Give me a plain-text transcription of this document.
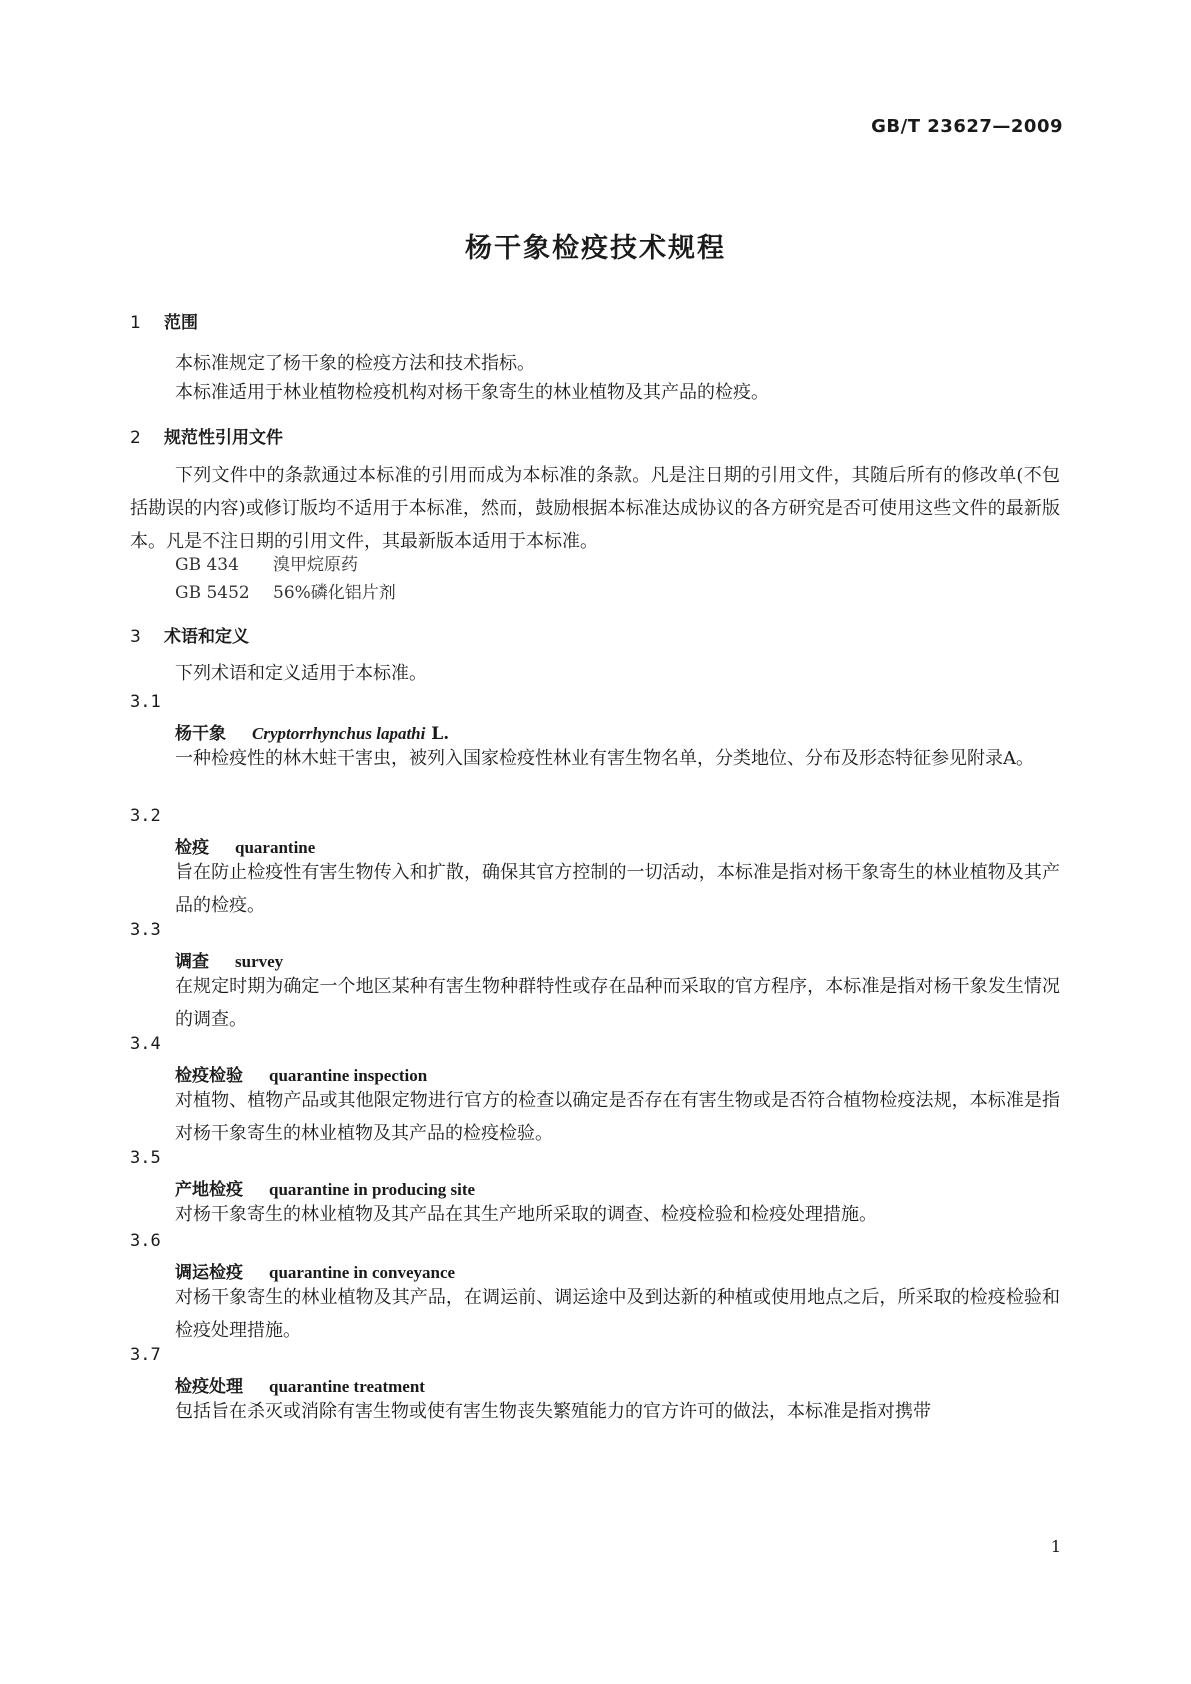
GB/T 23627—2009
杨干象检疫技术规程
1 范围
本标准规定了杨干象的检疫方法和技术指标。
本标准适用于林业植物检疫机构对杨干象寄生的林业植物及其产品的检疫。
2 规范性引用文件
下列文件中的条款通过本标准的引用而成为本标准的条款。凡是注日期的引用文件，其随后所有的修改单(不包括勘误的内容)或修订版均不适用于本标准，然而，鼓励根据本标准达成协议的各方研究是否可使用这些文件的最新版本。凡是不注日期的引用文件，其最新版本适用于本标准。
GB 434 溴甲烷原药
GB 5452 56%磷化铝片剂
3 术语和定义
下列术语和定义适用于本标准。
3.1
杨干象 Cryptorrhynchus lapathi L.
一种检疫性的林木蛀干害虫，被列入国家检疫性林业有害生物名单，分类地位、分布及形态特征参见附录A。
3.2
检疫 quarantine
旨在防止检疫性有害生物传入和扩散，确保其官方控制的一切活动，本标准是指对杨干象寄生的林业植物及其产品的检疫。
3.3
调查 survey
在规定时期为确定一个地区某种有害生物种群特性或存在品种而采取的官方程序，本标准是指对杨干象发生情况的调查。
3.4
检疫检验 quarantine inspection
对植物、植物产品或其他限定物进行官方的检查以确定是否存在有害生物或是否符合植物检疫法规，本标准是指对杨干象寄生的林业植物及其产品的检疫检验。
3.5
产地检疫 quarantine in producing site
对杨干象寄生的林业植物及其产品在其生产地所采取的调查、检疫检验和检疫处理措施。
3.6
调运检疫 quarantine in conveyance
对杨干象寄生的林业植物及其产品，在调运前、调运途中及到达新的种植或使用地点之后，所采取的检疫检验和检疫处理措施。
3.7
检疫处理 quarantine treatment
包括旨在杀灭或消除有害生物或使有害生物丧失繁殖能力的官方许可的做法，本标准是指对携带
1
